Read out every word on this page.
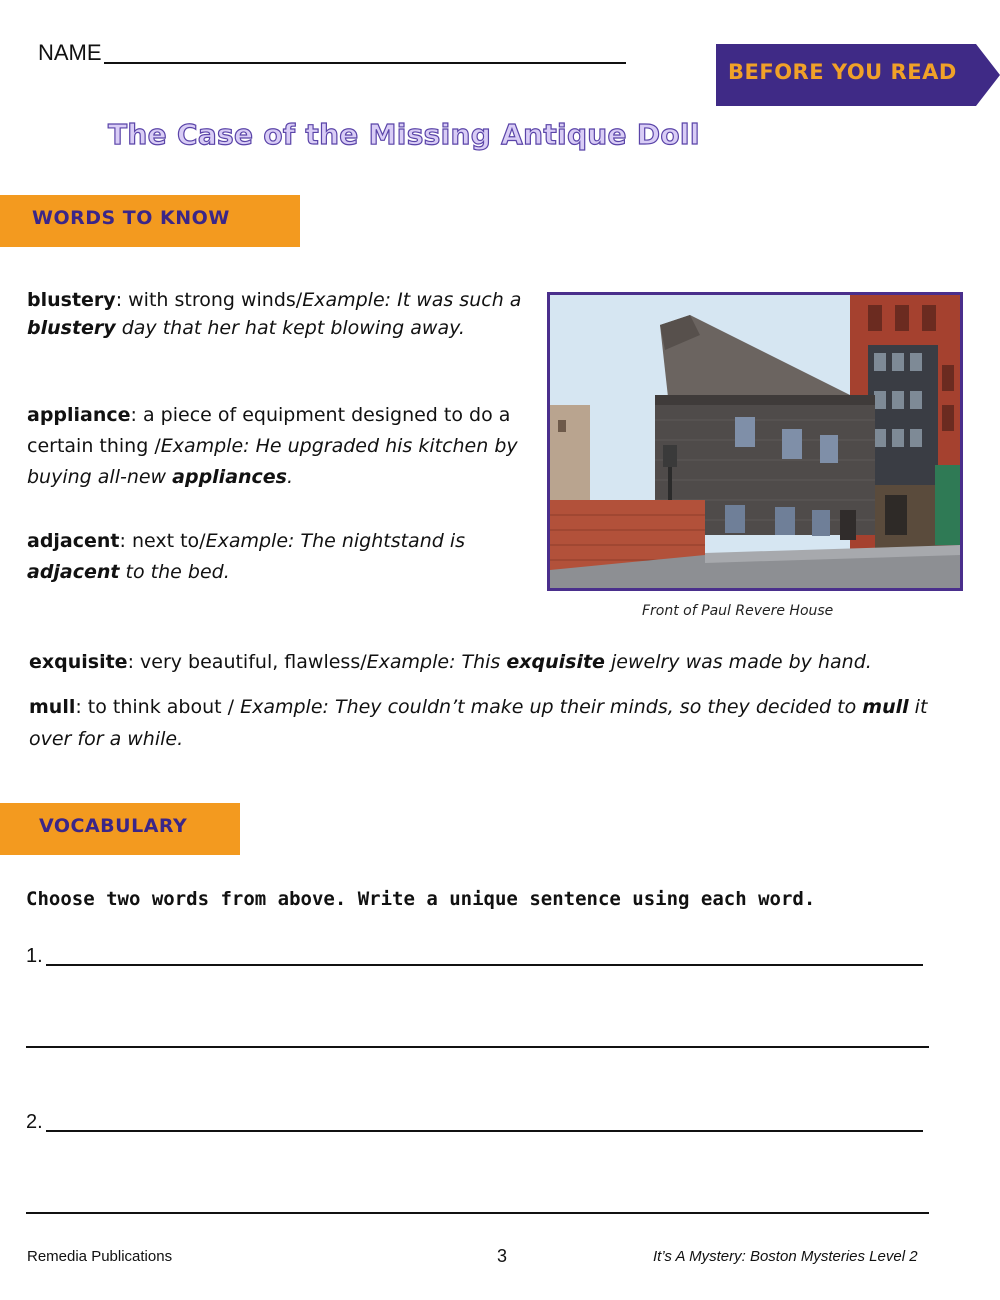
NAME
BEFORE YOU READ
The Case of the Missing Antique Doll
WORDS TO KNOW
blustery: with strong winds/Example: It was such a blustery day that her hat kept blowing away.
appliance: a piece of equipment designed to do a certain thing /Example: He upgraded his kitchen by buying all-new appliances.
adjacent: next to/Example: The nightstand is adjacent to the bed.
Front of Paul Revere House
exquisite: very beautiful, flawless/Example: This exquisite jewelry was made by hand.
mull: to think about / Example: They couldn’t make up their minds, so they decided to mull it over for a while.
VOCABULARY
Choose two words from above. Write a unique sentence using each word.
1.
2.
Remedia Publications	3	It’s A Mystery: Boston Mysteries Level 2
